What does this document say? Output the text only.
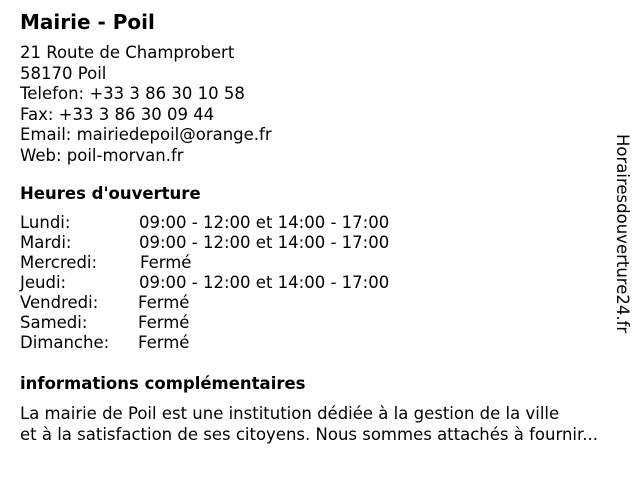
Mairie - Poil
21 Route de Champrobert
58170 Poil
Telefon: +33 3 86 30 10 58
Fax: +33 3 86 30 09 44
Email: mairiedepoil@orange.fr
Web: poil-morvan.fr
Heures d'ouverture
Lundi:	09:00 - 12:00 et 14:00 - 17:00
Mardi:	09:00 - 12:00 et 14:00 - 17:00
Mercredi:	Fermé
Jeudi:	09:00 - 12:00 et 14:00 - 17:00
Vendredi: Fermé
Samedi:	Fermé
Dimanche: Fermé
informations complémentaires
La mairie de Poil est une institution dédiée à la gestion de la ville
et à la satisfaction de ses citoyens. Nous sommes attachés à fournir...
Horairesdouverture24.fr
